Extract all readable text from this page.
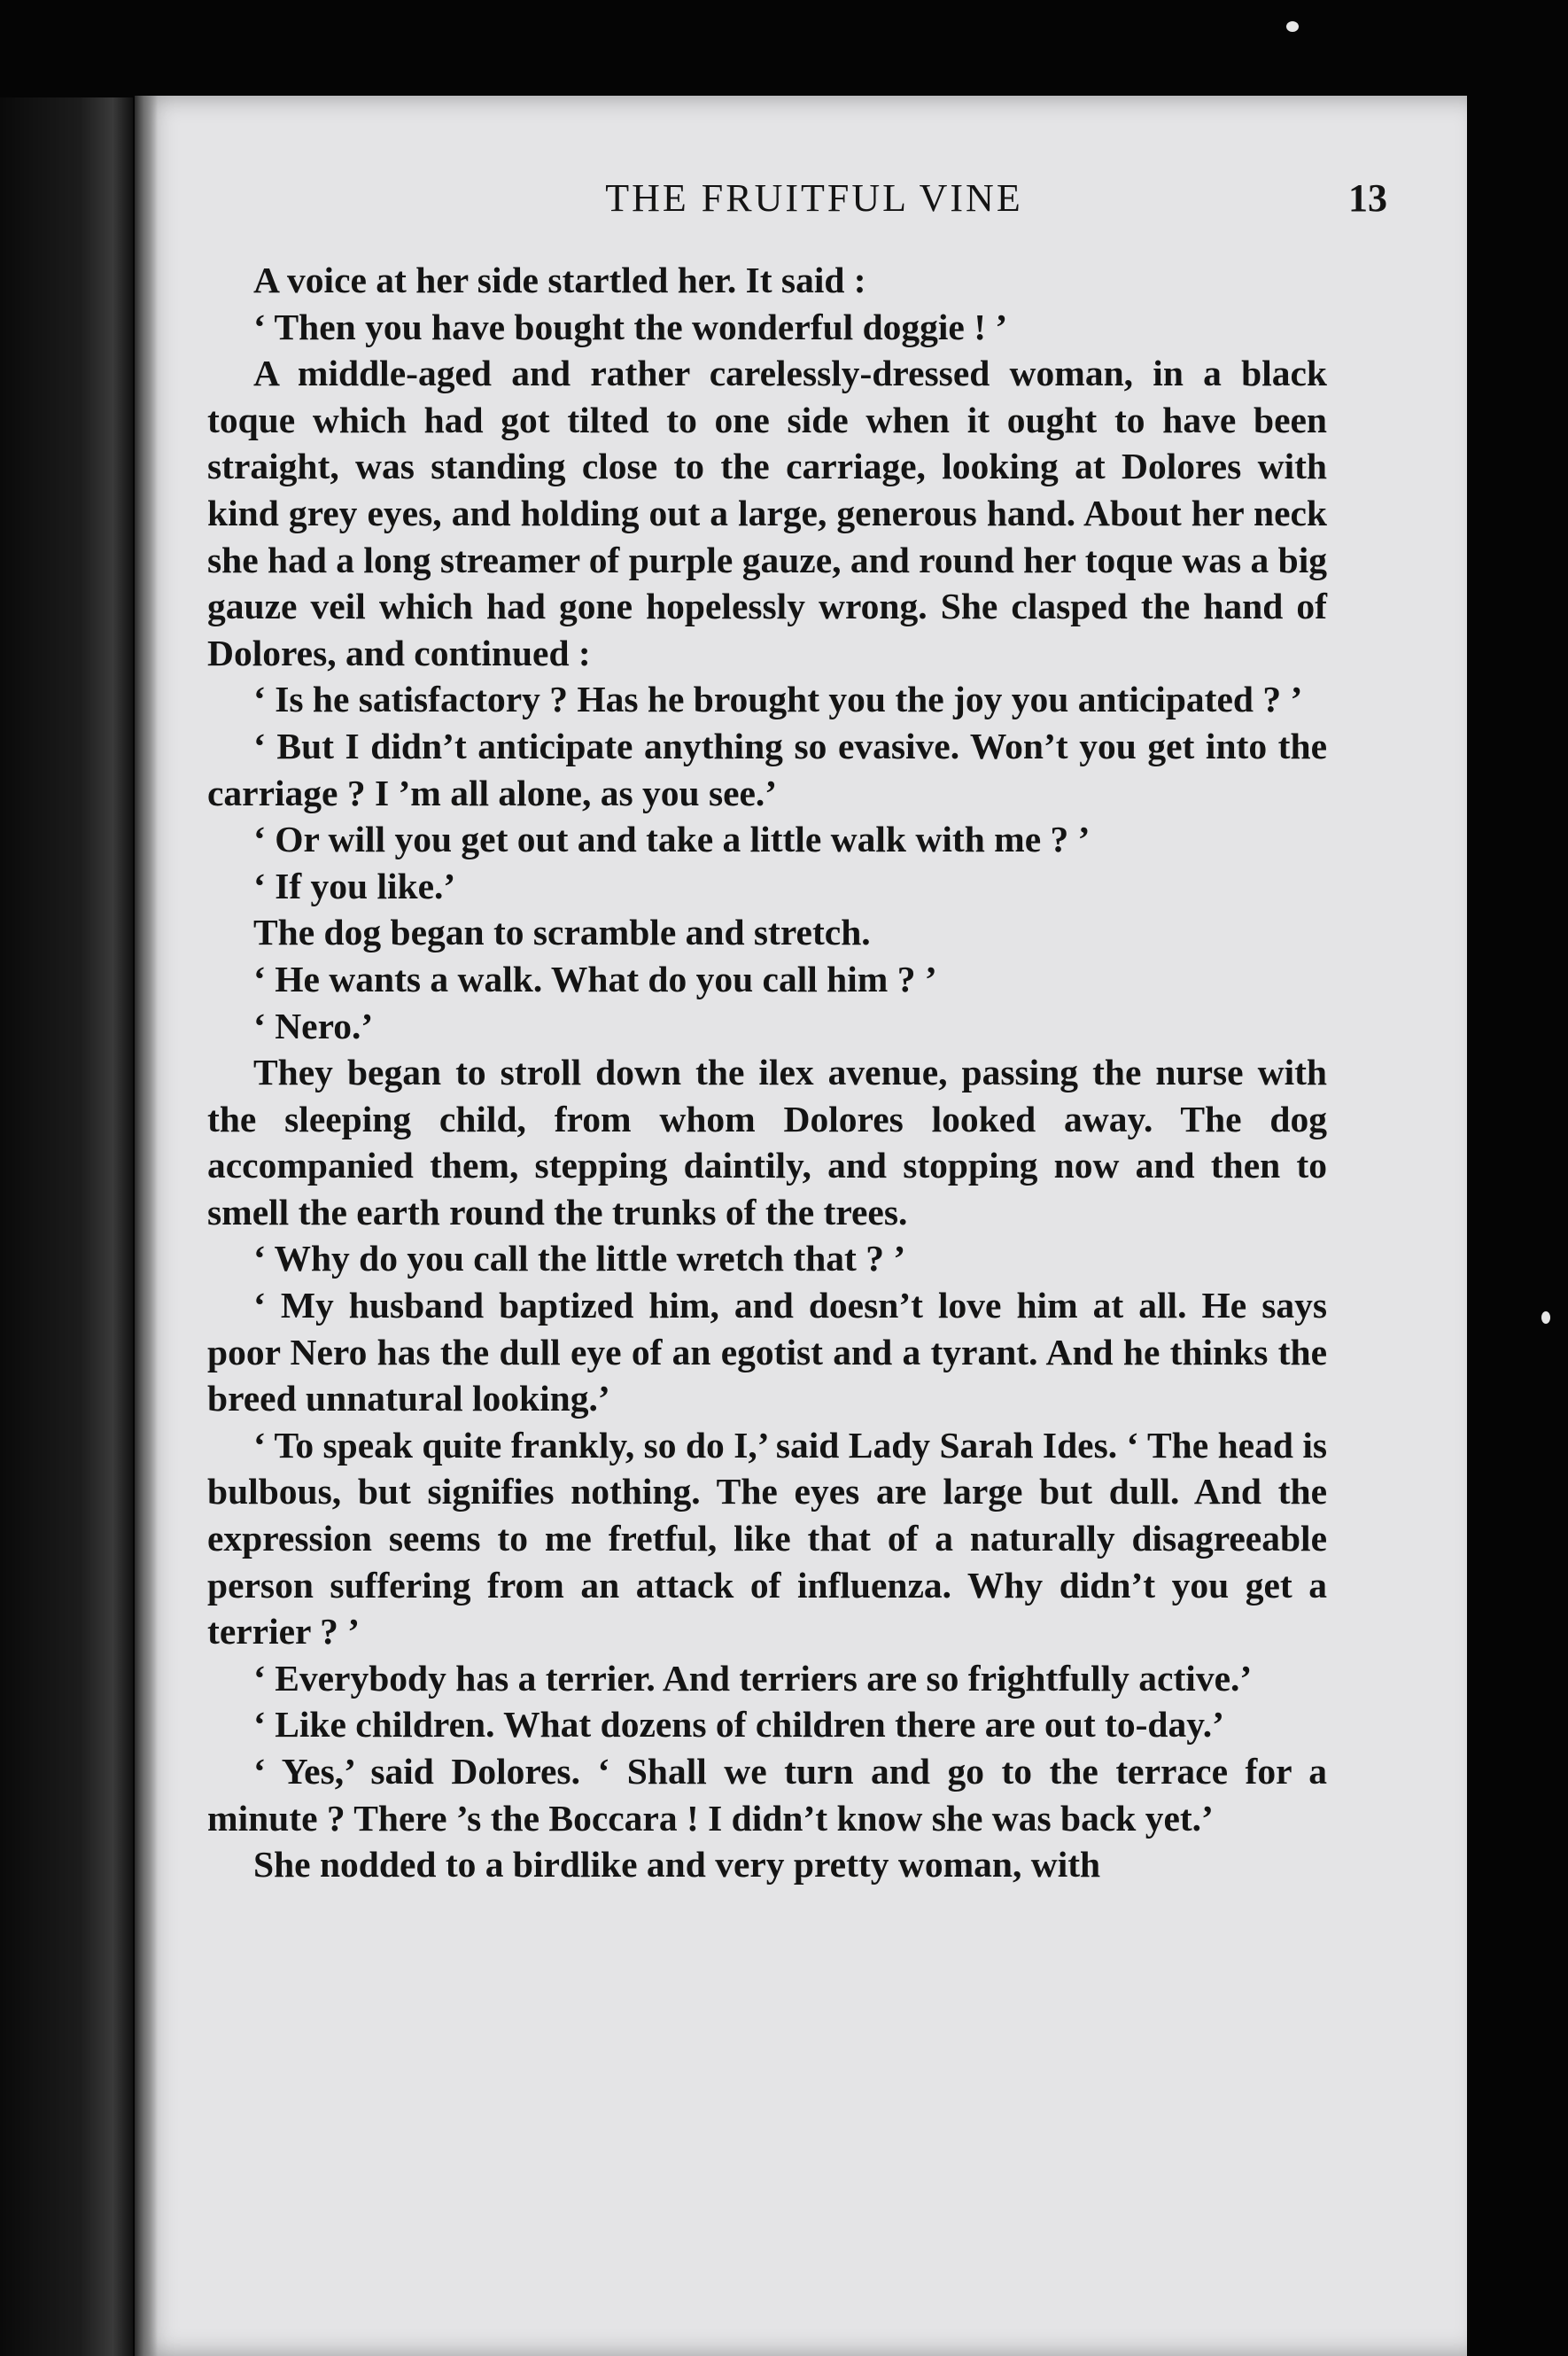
THE FRUITFUL VINE	13

A voice at her side startled her. It said :

‘ Then you have bought the wonderful doggie ! ’

A middle-aged and rather carelessly-dressed woman, in a black toque which had got tilted to one side when it ought to have been straight, was standing close to the carriage, looking at Dolores with kind grey eyes, and holding out a large, generous hand. About her neck she had a long streamer of purple gauze, and round her toque was a big gauze veil which had gone hopelessly wrong. She clasped the hand of Dolores, and continued :

‘ Is he satisfactory ? Has he brought you the joy you anticipated ? ’

‘ But I didn’t anticipate anything so evasive. Won’t you get into the carriage ? I ’m all alone, as you see.’

‘ Or will you get out and take a little walk with me ? ’

‘ If you like.’

The dog began to scramble and stretch.

‘ He wants a walk. What do you call him ? ’

‘ Nero.’

They began to stroll down the ilex avenue, passing the nurse with the sleeping child, from whom Dolores looked away. The dog accompanied them, stepping daintily, and stopping now and then to smell the earth round the trunks of the trees.

‘ Why do you call the little wretch that ? ’

‘ My husband baptized him, and doesn’t love him at all. He says poor Nero has the dull eye of an egotist and a tyrant. And he thinks the breed unnatural looking.’

‘ To speak quite frankly, so do I,’ said Lady Sarah Ides. ‘ The head is bulbous, but signifies nothing. The eyes are large but dull. And the expression seems to me fretful, like that of a naturally disagreeable person suffering from an attack of influenza. Why didn’t you get a terrier ? ’

‘ Everybody has a terrier. And terriers are so frightfully active.’

‘ Like children. What dozens of children there are out to-day.’

‘ Yes,’ said Dolores. ‘ Shall we turn and go to the terrace for a minute ? There ’s the Boccara ! I didn’t know she was back yet.’

She nodded to a birdlike and very pretty woman, with
